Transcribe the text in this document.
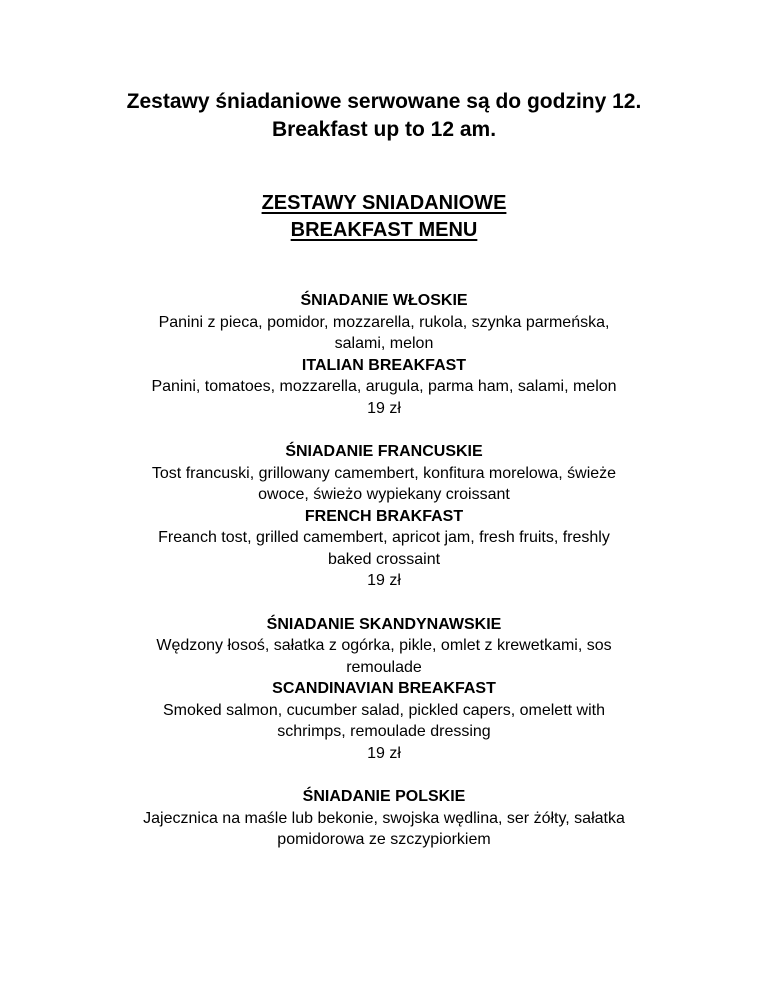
Zestawy śniadaniowe serwowane są do godziny 12.
Breakfast up to 12 am.
ZESTAWY SNIADANIOWE
BREAKFAST MENU
ŚNIADANIE WŁOSKIE
Panini z pieca, pomidor, mozzarella, rukola, szynka parmeńska,
salami, melon
ITALIAN BREAKFAST
Panini, tomatoes, mozzarella, arugula, parma ham, salami, melon
19 zł
ŚNIADANIE FRANCUSKIE
Tost francuski, grillowany camembert, konfitura morelowa, świeże
owoce, świeżo wypiekany croissant
FRENCH BRAKFAST
Freanch tost, grilled camembert, apricot jam, fresh fruits, freshly
baked crossaint
19 zł
ŚNIADANIE SKANDYNAWSKIE
Wędzony łosoś, sałatka z ogórka, pikle, omlet z krewetkami, sos
remoulade
SCANDINAVIAN BREAKFAST
Smoked salmon, cucumber salad, pickled capers, omelett with
schrimps, remoulade dressing
19 zł
ŚNIADANIE POLSKIE
Jajecznica na maśle lub bekonie, swojska wędlina, ser żółty, sałatka
pomidorowa ze szczypiorkiem
